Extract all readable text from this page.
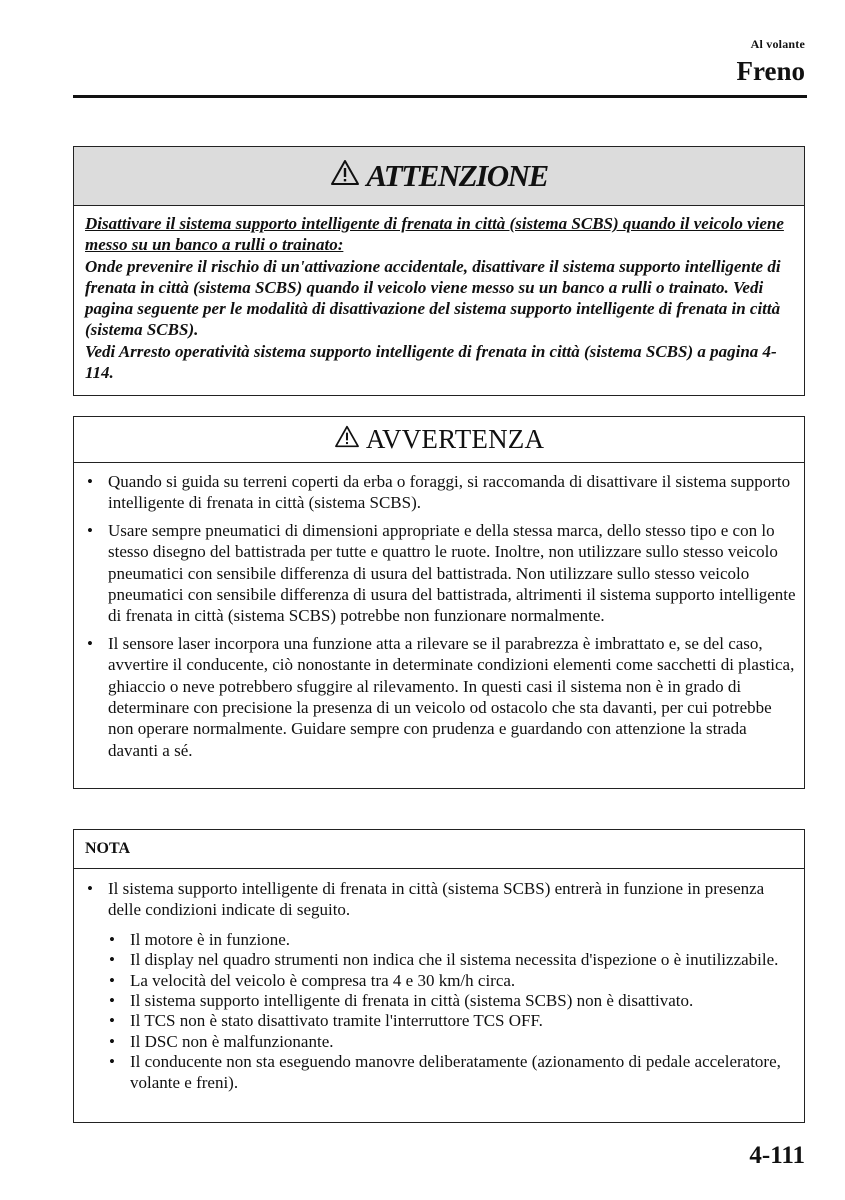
Al volante
Freno
ATTENZIONE
Disattivare il sistema supporto intelligente di frenata in città (sistema SCBS) quando il veicolo viene messo su un banco a rulli o trainato:
Onde prevenire il rischio di un'attivazione accidentale, disattivare il sistema supporto intelligente di frenata in città (sistema SCBS) quando il veicolo viene messo su un banco a rulli o trainato. Vedi pagina seguente per le modalità di disattivazione del sistema supporto intelligente di frenata in città (sistema SCBS).
Vedi Arresto operatività sistema supporto intelligente di frenata in città (sistema SCBS) a pagina 4-114.
AVVERTENZA
• Quando si guida su terreni coperti da erba o foraggi, si raccomanda di disattivare il sistema supporto intelligente di frenata in città (sistema SCBS).
• Usare sempre pneumatici di dimensioni appropriate e della stessa marca, dello stesso tipo e con lo stesso disegno del battistrada per tutte e quattro le ruote. Inoltre, non utilizzare sullo stesso veicolo pneumatici con sensibile differenza di usura del battistrada. Non utilizzare sullo stesso veicolo pneumatici con sensibile differenza di usura del battistrada, altrimenti il sistema supporto intelligente di frenata in città (sistema SCBS) potrebbe non funzionare normalmente.
• Il sensore laser incorpora una funzione atta a rilevare se il parabrezza è imbrattato e, se del caso, avvertire il conducente, ciò nonostante in determinate condizioni elementi come sacchetti di plastica, ghiaccio o neve potrebbero sfuggire al rilevamento. In questi casi il sistema non è in grado di determinare con precisione la presenza di un veicolo od ostacolo che sta davanti, per cui potrebbe non operare normalmente. Guidare sempre con prudenza e guardando con attenzione la strada davanti a sé.
NOTA
• Il sistema supporto intelligente di frenata in città (sistema SCBS) entrerà in funzione in presenza delle condizioni indicate di seguito.
• Il motore è in funzione.
• Il display nel quadro strumenti non indica che il sistema necessita d'ispezione o è inutilizzabile.
• La velocità del veicolo è compresa tra 4 e 30 km/h circa.
• Il sistema supporto intelligente di frenata in città (sistema SCBS) non è disattivato.
• Il TCS non è stato disattivato tramite l'interruttore TCS OFF.
• Il DSC non è malfunzionante.
• Il conducente non sta eseguendo manovre deliberatamente (azionamento di pedale acceleratore, volante e freni).
4-111
